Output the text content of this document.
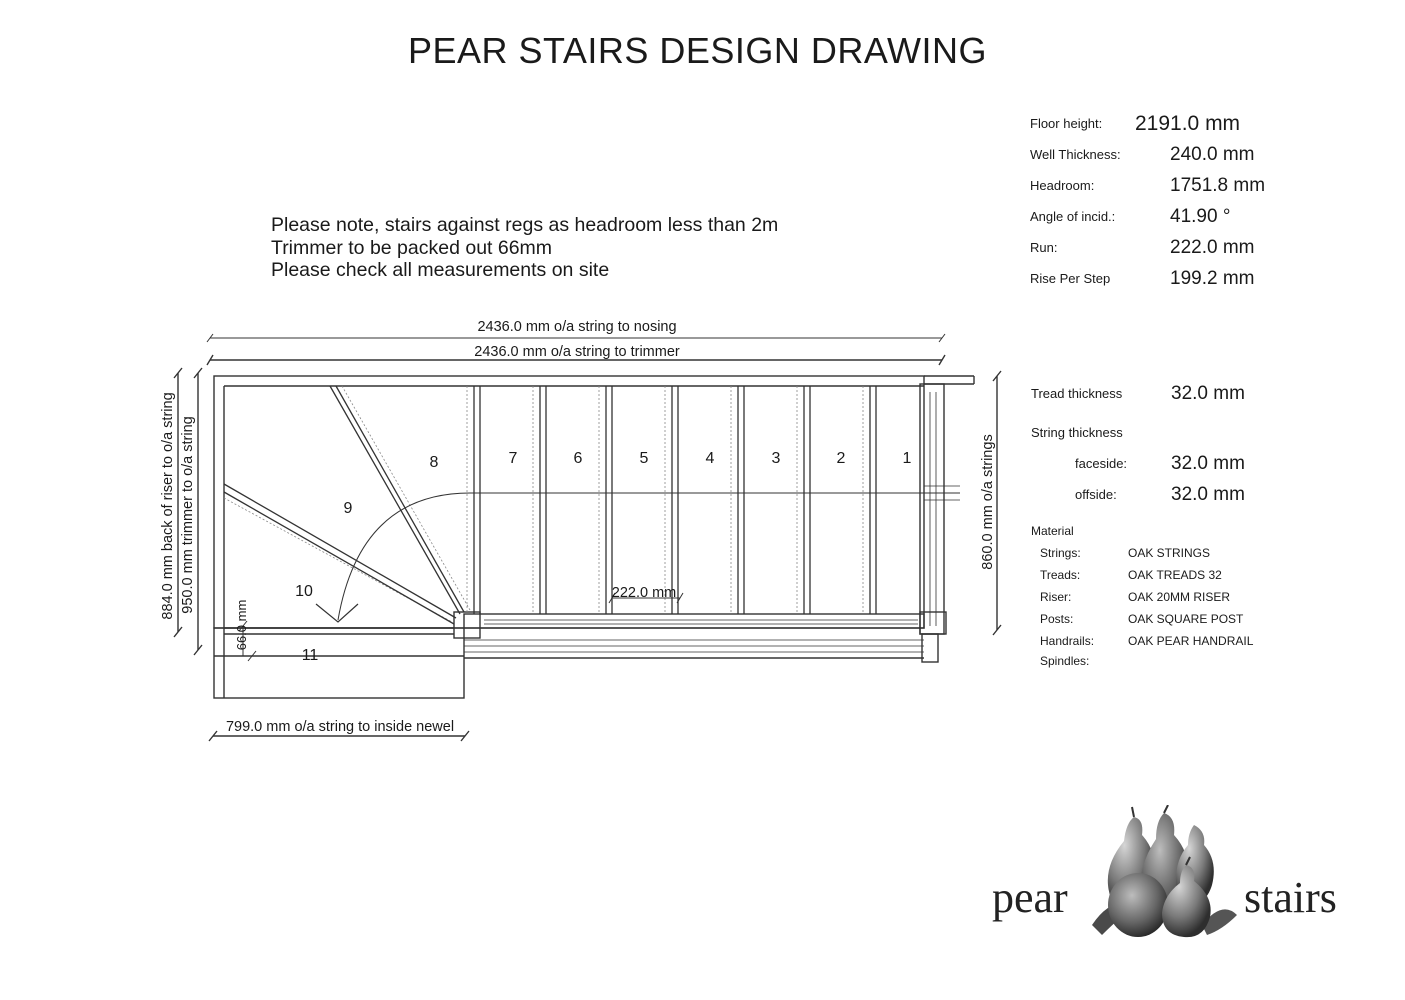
PEAR STAIRS DESIGN DRAWING
Please note, stairs against regs as headroom less than 2m
Trimmer to be packed out 66mm
Please check all measurements on site
Floor height: 2191.0 mm
Well Thickness:	240.0 mm
Headroom:	1751.8 mm
Angle of incid.:	41.90 °
Run:	222.0 mm
Rise Per Step	199.2 mm
Tread thickness	32.0 mm
String thickness
faceside: 32.0 mm
offside:	32.0 mm
Material
Strings:	OAK STRINGS
Treads:	OAK TREADS 32
Riser:	OAK 20MM RISER
Posts:	OAK SQUARE POST
Handrails:	OAK PEAR HANDRAIL
Spindles:
1
2
3
4
5
6
7
8
9
10
11
2436.0 mm o/a string to nosing
2436.0 mm o/a string to trimmer
799.0 mm o/a string to inside newel
222.0 mm
884.0 mm back of riser to o/a string 950.0 mm trimmer to o/a string	860.0 mm o/a strings
66.0 mm
pear	stairs
